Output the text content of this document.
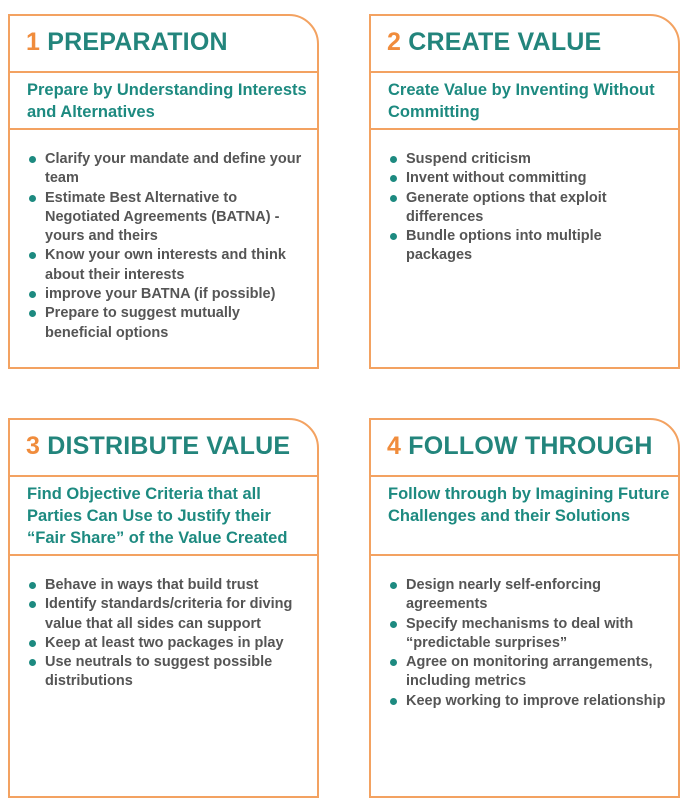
1 PREPARATION
Prepare by Understanding Interests and Alternatives
Clarify your mandate and define your team
Estimate Best Alternative to Negotiated Agreements (BATNA) - yours and theirs
Know your own interests and think about their interests
improve your BATNA (if possible)
Prepare to suggest mutually beneficial options
2 CREATE VALUE
Create Value by Inventing Without Committing
Suspend criticism
Invent without committing
Generate options that exploit differences
Bundle options into multiple packages
3 DISTRIBUTE VALUE
Find Objective Criteria that all Parties Can Use to Justify their “Fair Share” of the Value Created
Behave in ways that build trust
Identify standards/criteria for diving value that all sides can support
Keep at least two packages in play
Use neutrals to suggest possible distributions
4 FOLLOW THROUGH
Follow through by Imagining Future Challenges and their Solutions
Design nearly self-enforcing agreements
Specify mechanisms to deal with “predictable surprises”
Agree on monitoring arrangements, including metrics
Keep working to improve relationship
